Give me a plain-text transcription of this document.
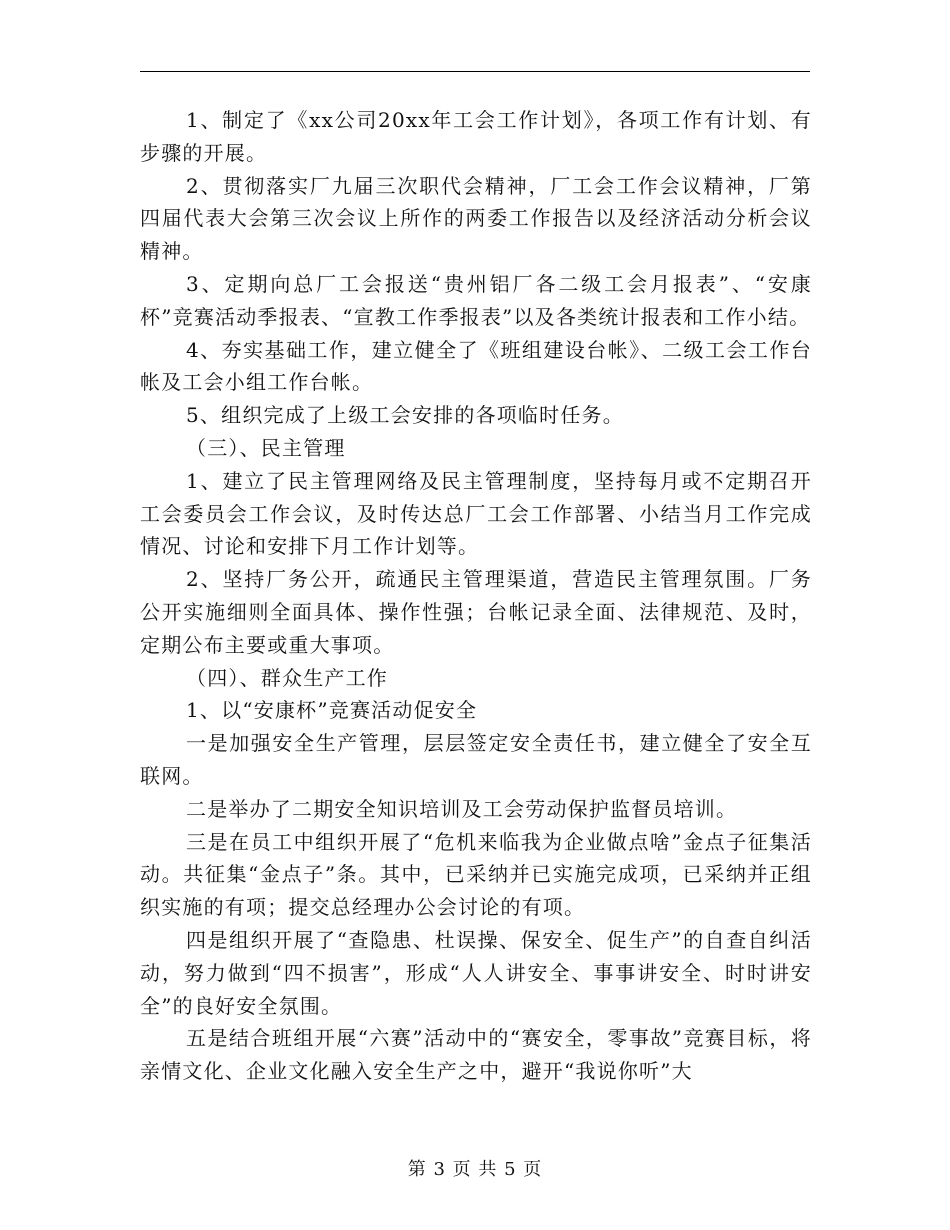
1、制定了《xx公司20xx年工会工作计划》，各项工作有计划、有步骤的开展。

2、贯彻落实厂九届三次职代会精神，厂工会工作会议精神，厂第四届代表大会第三次会议上所作的两委工作报告以及经济活动分析会议精神。

3、定期向总厂工会报送“贵州铝厂各二级工会月报表”、“安康杯”竞赛活动季报表、“宣教工作季报表”以及各类统计报表和工作小结。

4、夯实基础工作，建立健全了《班组建设台帐》、二级工会工作台帐及工会小组工作台帐。

5、组织完成了上级工会安排的各项临时任务。

（三）、民主管理

1、建立了民主管理网络及民主管理制度，坚持每月或不定期召开工会委员会工作会议，及时传达总厂工会工作部署、小结当月工作完成情况、讨论和安排下月工作计划等。

2、坚持厂务公开，疏通民主管理渠道，营造民主管理氛围。厂务公开实施细则全面具体、操作性强；台帐记录全面、法律规范、及时，定期公布主要或重大事项。

（四）、群众生产工作

1、以“安康杯”竞赛活动促安全

一是加强安全生产管理，层层签定安全责任书，建立健全了安全互联网。

二是举办了二期安全知识培训及工会劳动保护监督员培训。

三是在员工中组织开展了“危机来临我为企业做点啥”金点子征集活动。共征集“金点子”条。其中，已采纳并已实施完成项，已采纳并正组织实施的有项；提交总经理办公会讨论的有项。

四是组织开展了“查隐患、杜误操、保安全、促生产”的自查自纠活动，努力做到“四不损害”，形成“人人讲安全、事事讲安全、时时讲安全”的良好安全氛围。

五是结合班组开展“六赛”活动中的“赛安全，零事故”竞赛目标，将亲情文化、企业文化融入安全生产之中，避开“我说你听”大

第 3 页 共 5 页
